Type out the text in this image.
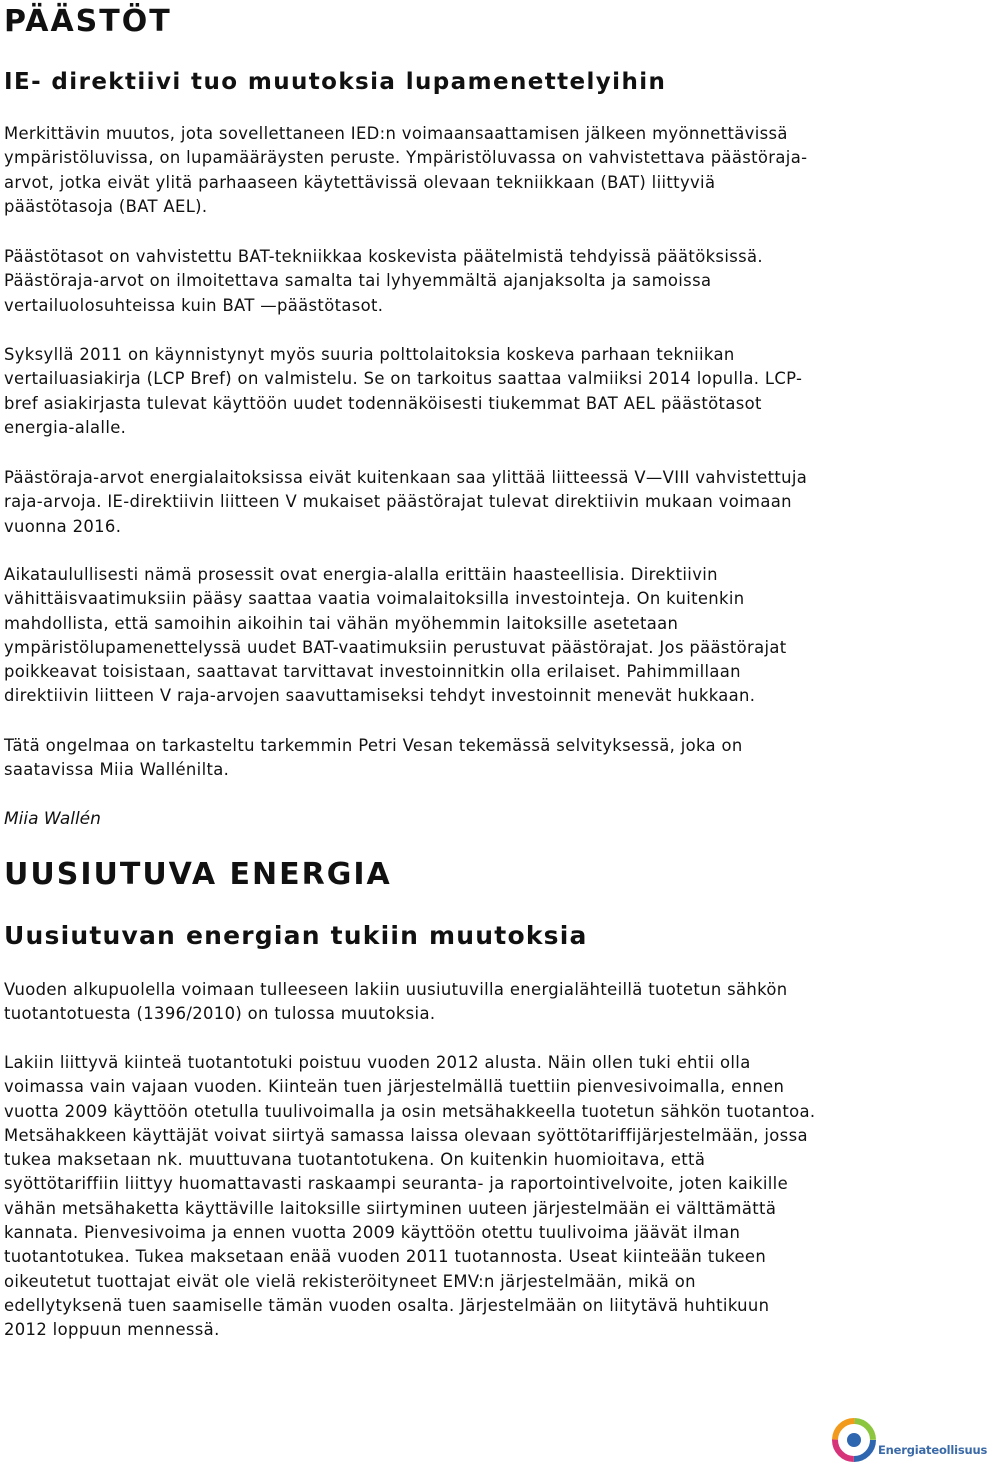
PÄÄSTÖT
IE- direktiivi tuo muutoksia lupamenettelyihin
Merkittävin muutos, jota sovellettaneen IED:n voimaansaattamisen jälkeen myönnettävissä
ympäristöluvissa, on lupamääräysten peruste. Ympäristöluvassa on vahvistettava päästöraja-
arvot, jotka eivät ylitä parhaaseen käytettävissä olevaan tekniikkaan (BAT) liittyviä
päästötasoja (BAT AEL).
Päästötasot on vahvistettu BAT-tekniikkaa koskevista päätelmistä tehdyissä päätöksissä.
Päästöraja-arvot on ilmoitettava samalta tai lyhyemmältä ajanjaksolta ja samoissa
vertailuolosuhteissa kuin BAT —päästötasot.
Syksyllä 2011 on käynnistynyt myös suuria polttolaitoksia koskeva parhaan tekniikan
vertailuasiakirja (LCP Bref) on valmistelu. Se on tarkoitus saattaa valmiiksi 2014 lopulla. LCP-
bref asiakirjasta tulevat käyttöön uudet todennäköisesti tiukemmat BAT AEL päästötasot
energia-alalle.
Päästöraja-arvot energialaitoksissa eivät kuitenkaan saa ylittää liitteessä V—VIII vahvistettuja
raja-arvoja. IE-direktiivin liitteen V mukaiset päästörajat tulevat direktiivin mukaan voimaan
vuonna 2016.
Aikataulullisesti nämä prosessit ovat energia-alalla erittäin haasteellisia. Direktiivin
vähittäisvaatimuksiin pääsy saattaa vaatia voimalaitoksilla investointeja. On kuitenkin
mahdollista, että samoihin aikoihin tai vähän myöhemmin laitoksille asetetaan
ympäristölupamenettelyssä uudet BAT-vaatimuksiin perustuvat päästörajat. Jos päästörajat
poikkeavat toisistaan, saattavat tarvittavat investoinnitkin olla erilaiset. Pahimmillaan
direktiivin liitteen V raja-arvojen saavuttamiseksi tehdyt investoinnit menevät hukkaan.
Tätä ongelmaa on tarkasteltu tarkemmin Petri Vesan tekemässä selvityksessä, joka on
saatavissa Miia Wallénilta.
Miia Wallén
UUSIUTUVA ENERGIA
Uusiutuvan energian tukiin muutoksia
Vuoden alkupuolella voimaan tulleeseen lakiin uusiutuvilla energialähteillä tuotetun sähkön
tuotantotuesta (1396/2010) on tulossa muutoksia.
Lakiin liittyvä kiinteä tuotantotuki poistuu vuoden 2012 alusta. Näin ollen tuki ehtii olla
voimassa vain vajaan vuoden. Kiinteän tuen järjestelmällä tuettiin pienvesivoimalla, ennen
vuotta 2009 käyttöön otetulla tuulivoimalla ja osin metsähakkeella tuotetun sähkön tuotantoa.
Metsähakkeen käyttäjät voivat siirtyä samassa laissa olevaan syöttötariffijärjestelmään, jossa
tukea maksetaan nk. muuttuvana tuotantotukena. On kuitenkin huomioitava, että
syöttötariffiin liittyy huomattavasti raskaampi seuranta- ja raportointivelvoite, joten kaikille
vähän metsähaketta käyttäville laitoksille siirtyminen uuteen järjestelmään ei välttämättä
kannata. Pienvesivoima ja ennen vuotta 2009 käyttöön otettu tuulivoima jäävät ilman
tuotantotukea. Tukea maksetaan enää vuoden 2011 tuotannosta. Useat kiinteään tukeen
oikeutetut tuottajat eivät ole vielä rekisteröityneet EMV:n järjestelmään, mikä on
edellytyksenä tuen saamiselle tämän vuoden osalta. Järjestelmään on liitytävä huhtikuun
2012 loppuun mennessä.
Energiateollisuus
